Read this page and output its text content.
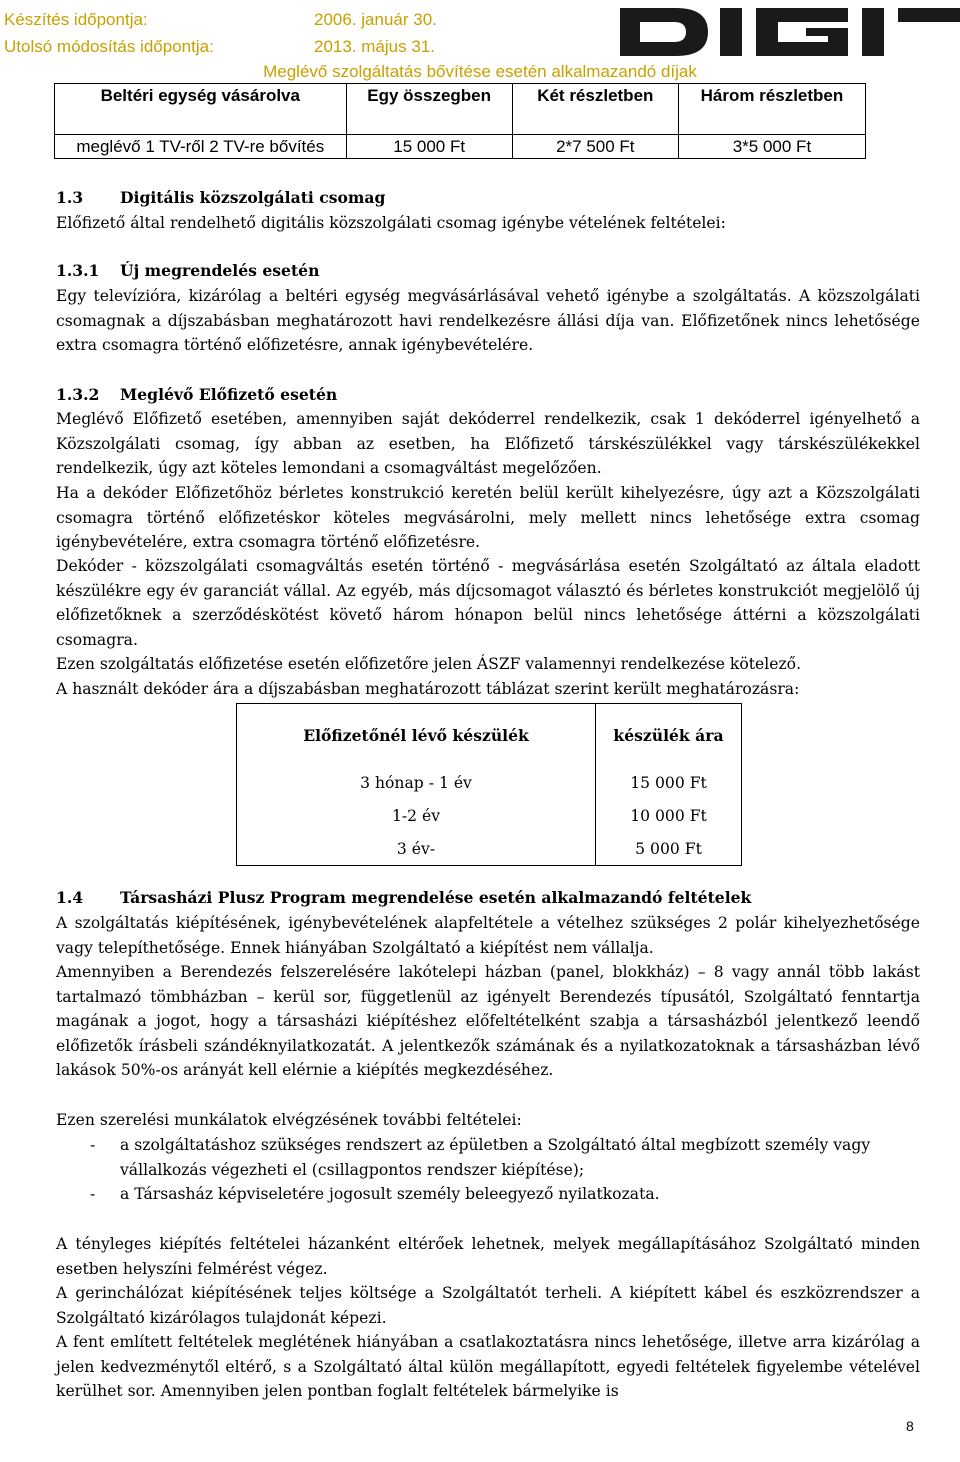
Készítés időpontja:	2006. január 30.
Utolsó módosítás időpontja:	2013. május 31.
Meglévő szolgáltatás bővítése esetén alkalmazandó díjak
Beltéri egység vásárolva	Egy összegben	Két részletben	Három részletben
meglévő 1 TV-ről 2 TV-re bővítés	15 000 Ft	2*7 500 Ft	3*5 000 Ft
1.3 Digitális közszolgálati csomag
Előfizető által rendelhető digitális közszolgálati csomag igénybe vételének feltételei:
1.3.1 Új megrendelés esetén
Egy televízióra, kizárólag a beltéri egység megvásárlásával vehető igénybe a szolgáltatás. A közszolgálati csomagnak a díjszabásban meghatározott havi rendelkezésre állási díja van. Előfizetőnek nincs lehetősége extra csomagra történő előfizetésre, annak igénybevételére.
1.3.2 Meglévő Előfizető esetén
Meglévő Előfizető esetében, amennyiben saját dekóderrel rendelkezik, csak 1 dekóderrel igényelhető a Közszolgálati csomag, így abban az esetben, ha Előfizető társkészülékkel vagy társkészülékekkel rendelkezik, úgy azt köteles lemondani a csomagváltást megelőzően.
Ha a dekóder Előfizetőhöz bérletes konstrukció keretén belül került kihelyezésre, úgy azt a Közszolgálati csomagra történő előfizetéskor köteles megvásárolni, mely mellett nincs lehetősége extra csomag igénybevételére, extra csomagra történő előfizetésre.
Dekóder - közszolgálati csomagváltás esetén történő - megvásárlása esetén Szolgáltató az általa eladott készülékre egy év garanciát vállal. Az egyéb, más díjcsomagot választó és bérletes konstrukciót megjelölő új előfizetőknek a szerződéskötést követő három hónapon belül nincs lehetősége áttérni a közszolgálati csomagra.
Ezen szolgáltatás előfizetése esetén előfizetőre jelen ÁSZF valamennyi rendelkezése kötelező.
A használt dekóder ára a díjszabásban meghatározott táblázat szerint került meghatározásra:
Előfizetőnél lévő készülék	készülék ára
3 hónap - 1 év	15 000 Ft
1-2 év	10 000 Ft
3 év-	5 000 Ft
1.4 Társasházi Plusz Program megrendelése esetén alkalmazandó feltételek
A szolgáltatás kiépítésének, igénybevételének alapfeltétele a vételhez szükséges 2 polár kihelyezhetősége vagy telepíthetősége. Ennek hiányában Szolgáltató a kiépítést nem vállalja.
Amennyiben a Berendezés felszerelésére lakótelepi házban (panel, blokkház) – 8 vagy annál több lakást tartalmazó tömbházban – kerül sor, függetlenül az igényelt Berendezés típusától, Szolgáltató fenntartja magának a jogot, hogy a társasházi kiépítéshez előfeltételként szabja a társasházból jelentkező leendő előfizetők írásbeli szándéknyilatkozatát. A jelentkezők számának és a nyilatkozatoknak a társasházban lévő lakások 50%-os arányát kell elérnie a kiépítés megkezdéséhez.
Ezen szerelési munkálatok elvégzésének további feltételei:
- a szolgáltatáshoz szükséges rendszert az épületben a Szolgáltató által megbízott személy vagy vállalkozás végezheti el (csillagpontos rendszer kiépítése);
- a Társasház képviseletére jogosult személy beleegyező nyilatkozata.
A tényleges kiépítés feltételei házanként eltérőek lehetnek, melyek megállapításához Szolgáltató minden esetben helyszíni felmérést végez.
A gerinchálózat kiépítésének teljes költsége a Szolgáltatót terheli. A kiépített kábel és eszközrendszer a Szolgáltató kizárólagos tulajdonát képezi.
A fent említett feltételek meglétének hiányában a csatlakoztatásra nincs lehetősége, illetve arra kizárólag a jelen kedvezménytől eltérő, s a Szolgáltató által külön megállapított, egyedi feltételek figyelembe vételével kerülhet sor. Amennyiben jelen pontban foglalt feltételek bármelyike is
8
